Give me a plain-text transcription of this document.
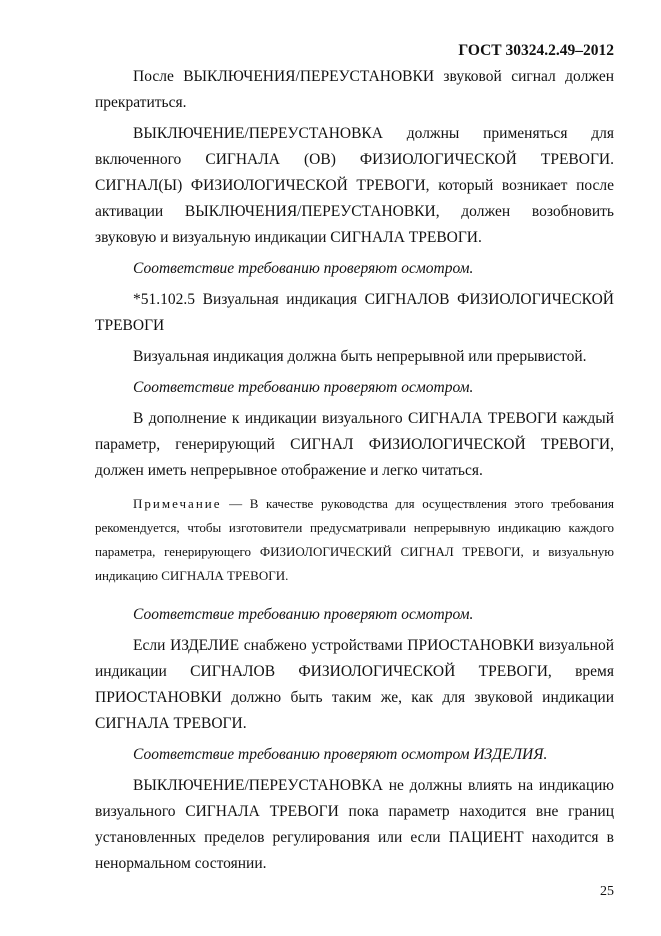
ГОСТ 30324.2.49–2012

После ВЫКЛЮЧЕНИЯ/ПЕРЕУСТАНОВКИ звуковой сигнал должен прекратиться.

ВЫКЛЮЧЕНИЕ/ПЕРЕУСТАНОВКА должны применяться для включенного СИГНАЛА (ОВ) ФИЗИОЛОГИЧЕСКОЙ ТРЕВОГИ. СИГНАЛ(Ы) ФИЗИОЛОГИЧЕСКОЙ ТРЕВОГИ, который возникает после активации ВЫКЛЮЧЕНИЯ/ПЕРЕУСТАНОВКИ, должен возобновить звуковую и визуальную индикации СИГНАЛА ТРЕВОГИ.

Соответствие требованию проверяют осмотром.

*51.102.5 Визуальная индикация СИГНАЛОВ ФИЗИОЛОГИЧЕСКОЙ ТРЕВОГИ

Визуальная индикация должна быть непрерывной или прерывистой.

Соответствие требованию проверяют осмотром.

В дополнение к индикации визуального СИГНАЛА ТРЕВОГИ каждый параметр, генерирующий СИГНАЛ ФИЗИОЛОГИЧЕСКОЙ ТРЕВОГИ, должен иметь непрерывное отображение и легко читаться.

Примечание — В качестве руководства для осуществления этого требования рекомендуется, чтобы изготовители предусматривали непрерывную индикацию каждого параметра, генерирующего ФИЗИОЛОГИЧЕСКИЙ СИГНАЛ ТРЕВОГИ, и визуальную индикацию СИГНАЛА ТРЕВОГИ.

Соответствие требованию проверяют осмотром.

Если ИЗДЕЛИЕ снабжено устройствами ПРИОСТАНОВКИ визуальной индикации СИГНАЛОВ ФИЗИОЛОГИЧЕСКОЙ ТРЕВОГИ, время ПРИОСТАНОВКИ должно быть таким же, как для звуковой индикации СИГНАЛА ТРЕВОГИ.

Соответствие требованию проверяют осмотром ИЗДЕЛИЯ.

ВЫКЛЮЧЕНИЕ/ПЕРЕУСТАНОВКА не должны влиять на индикацию визуального СИГНАЛА ТРЕВОГИ пока параметр находится вне границ установленных пределов регулирования или если ПАЦИЕНТ находится в ненормальном состоянии.

25
